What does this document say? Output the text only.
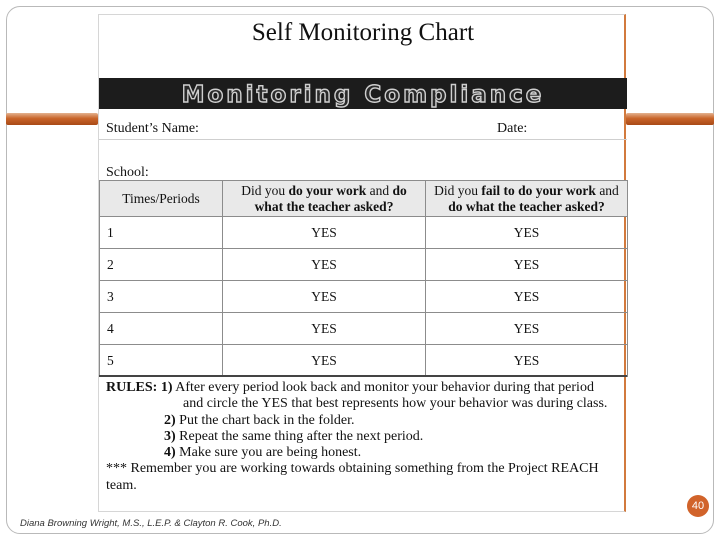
Self Monitoring Chart
Monitoring Compliance
Student’s Name:	Date:
School:
Times/Periods	Did you do your work and do what the teacher asked?	Did you fail to do your work and do what the teacher asked?
1	YES	YES
2	YES	YES
3	YES	YES
4	YES	YES
5	YES	YES
RULES: 1) After every period look back and monitor your behavior during that period
and circle the YES that best represents how your behavior was during class.
2) Put the chart back in the folder.
3) Repeat the same thing after the next period.
4) Make sure you are being honest.
*** Remember you are working towards obtaining something from the Project REACH
team.
Diana Browning Wright, M.S., L.E.P. & Clayton R. Cook, Ph.D.
40
